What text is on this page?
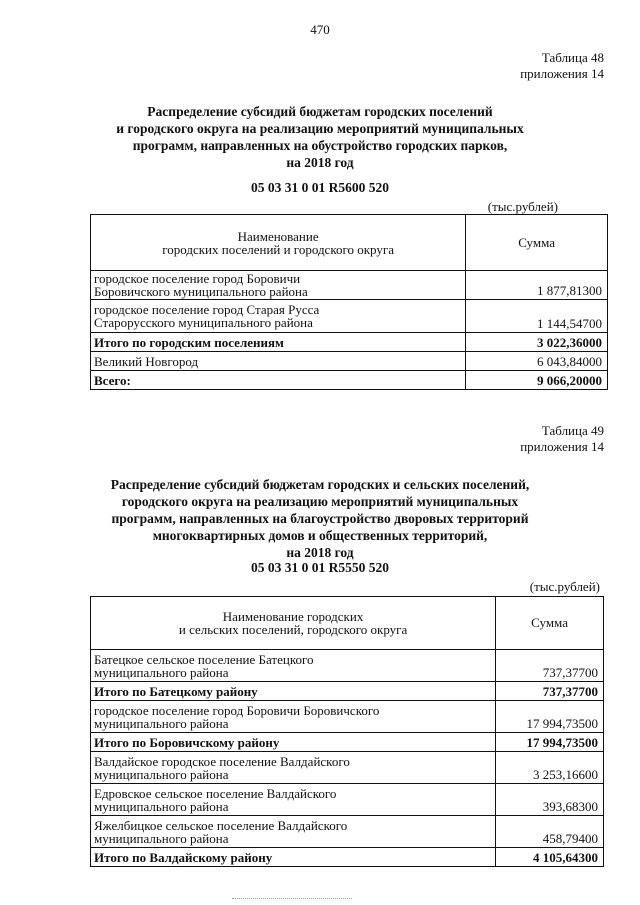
470
Таблица 48
приложения 14
Распределение субсидий бюджетам городских поселений
и городского округа на реализацию мероприятий муниципальных
программ, направленных на обустройство городских парков,
на 2018 год
05 03 31 0 01 R5600 520
(тыс.рублей)
Наименование
городских поселений и городского округа	Сумма

городское поселение город Боровичи
Боровичского муниципального района	1 877,81300

городское поселение город Старая Русса
Старорусского муниципального района	1 144,54700
Итого по городским поселениям	3 022,36000
Великий Новгород	6 043,84000
Всего:	9 066,20000
Таблица 49
приложения 14
Распределение субсидий бюджетам городских и сельских поселений,
городского округа на реализацию мероприятий муниципальных
программ, направленных на благоустройство дворовых территорий
многоквартирных домов и общественных территорий,
на 2018 год
05 03 31 0 01 R5550 520
(тыс.рублей)
Наименование городских
и сельских поселений, городского округа	Сумма

Батецкое сельское поселение Батецкого
муниципального района	737,37700
Итого по Батецкому району	737,37700

городское поселение город Боровичи Боровичского
муниципального района	17 994,73500
Итого по Боровичскому району	17 994,73500

Валдайское городское поселение Валдайского
муниципального района	3 253,16600

Едровское сельское поселение Валдайского
муниципального района	393,68300

Яжелбицкое сельское поселение Валдайского
муниципального района	458,79400
Итого по Валдайскому району	4 105,64300
